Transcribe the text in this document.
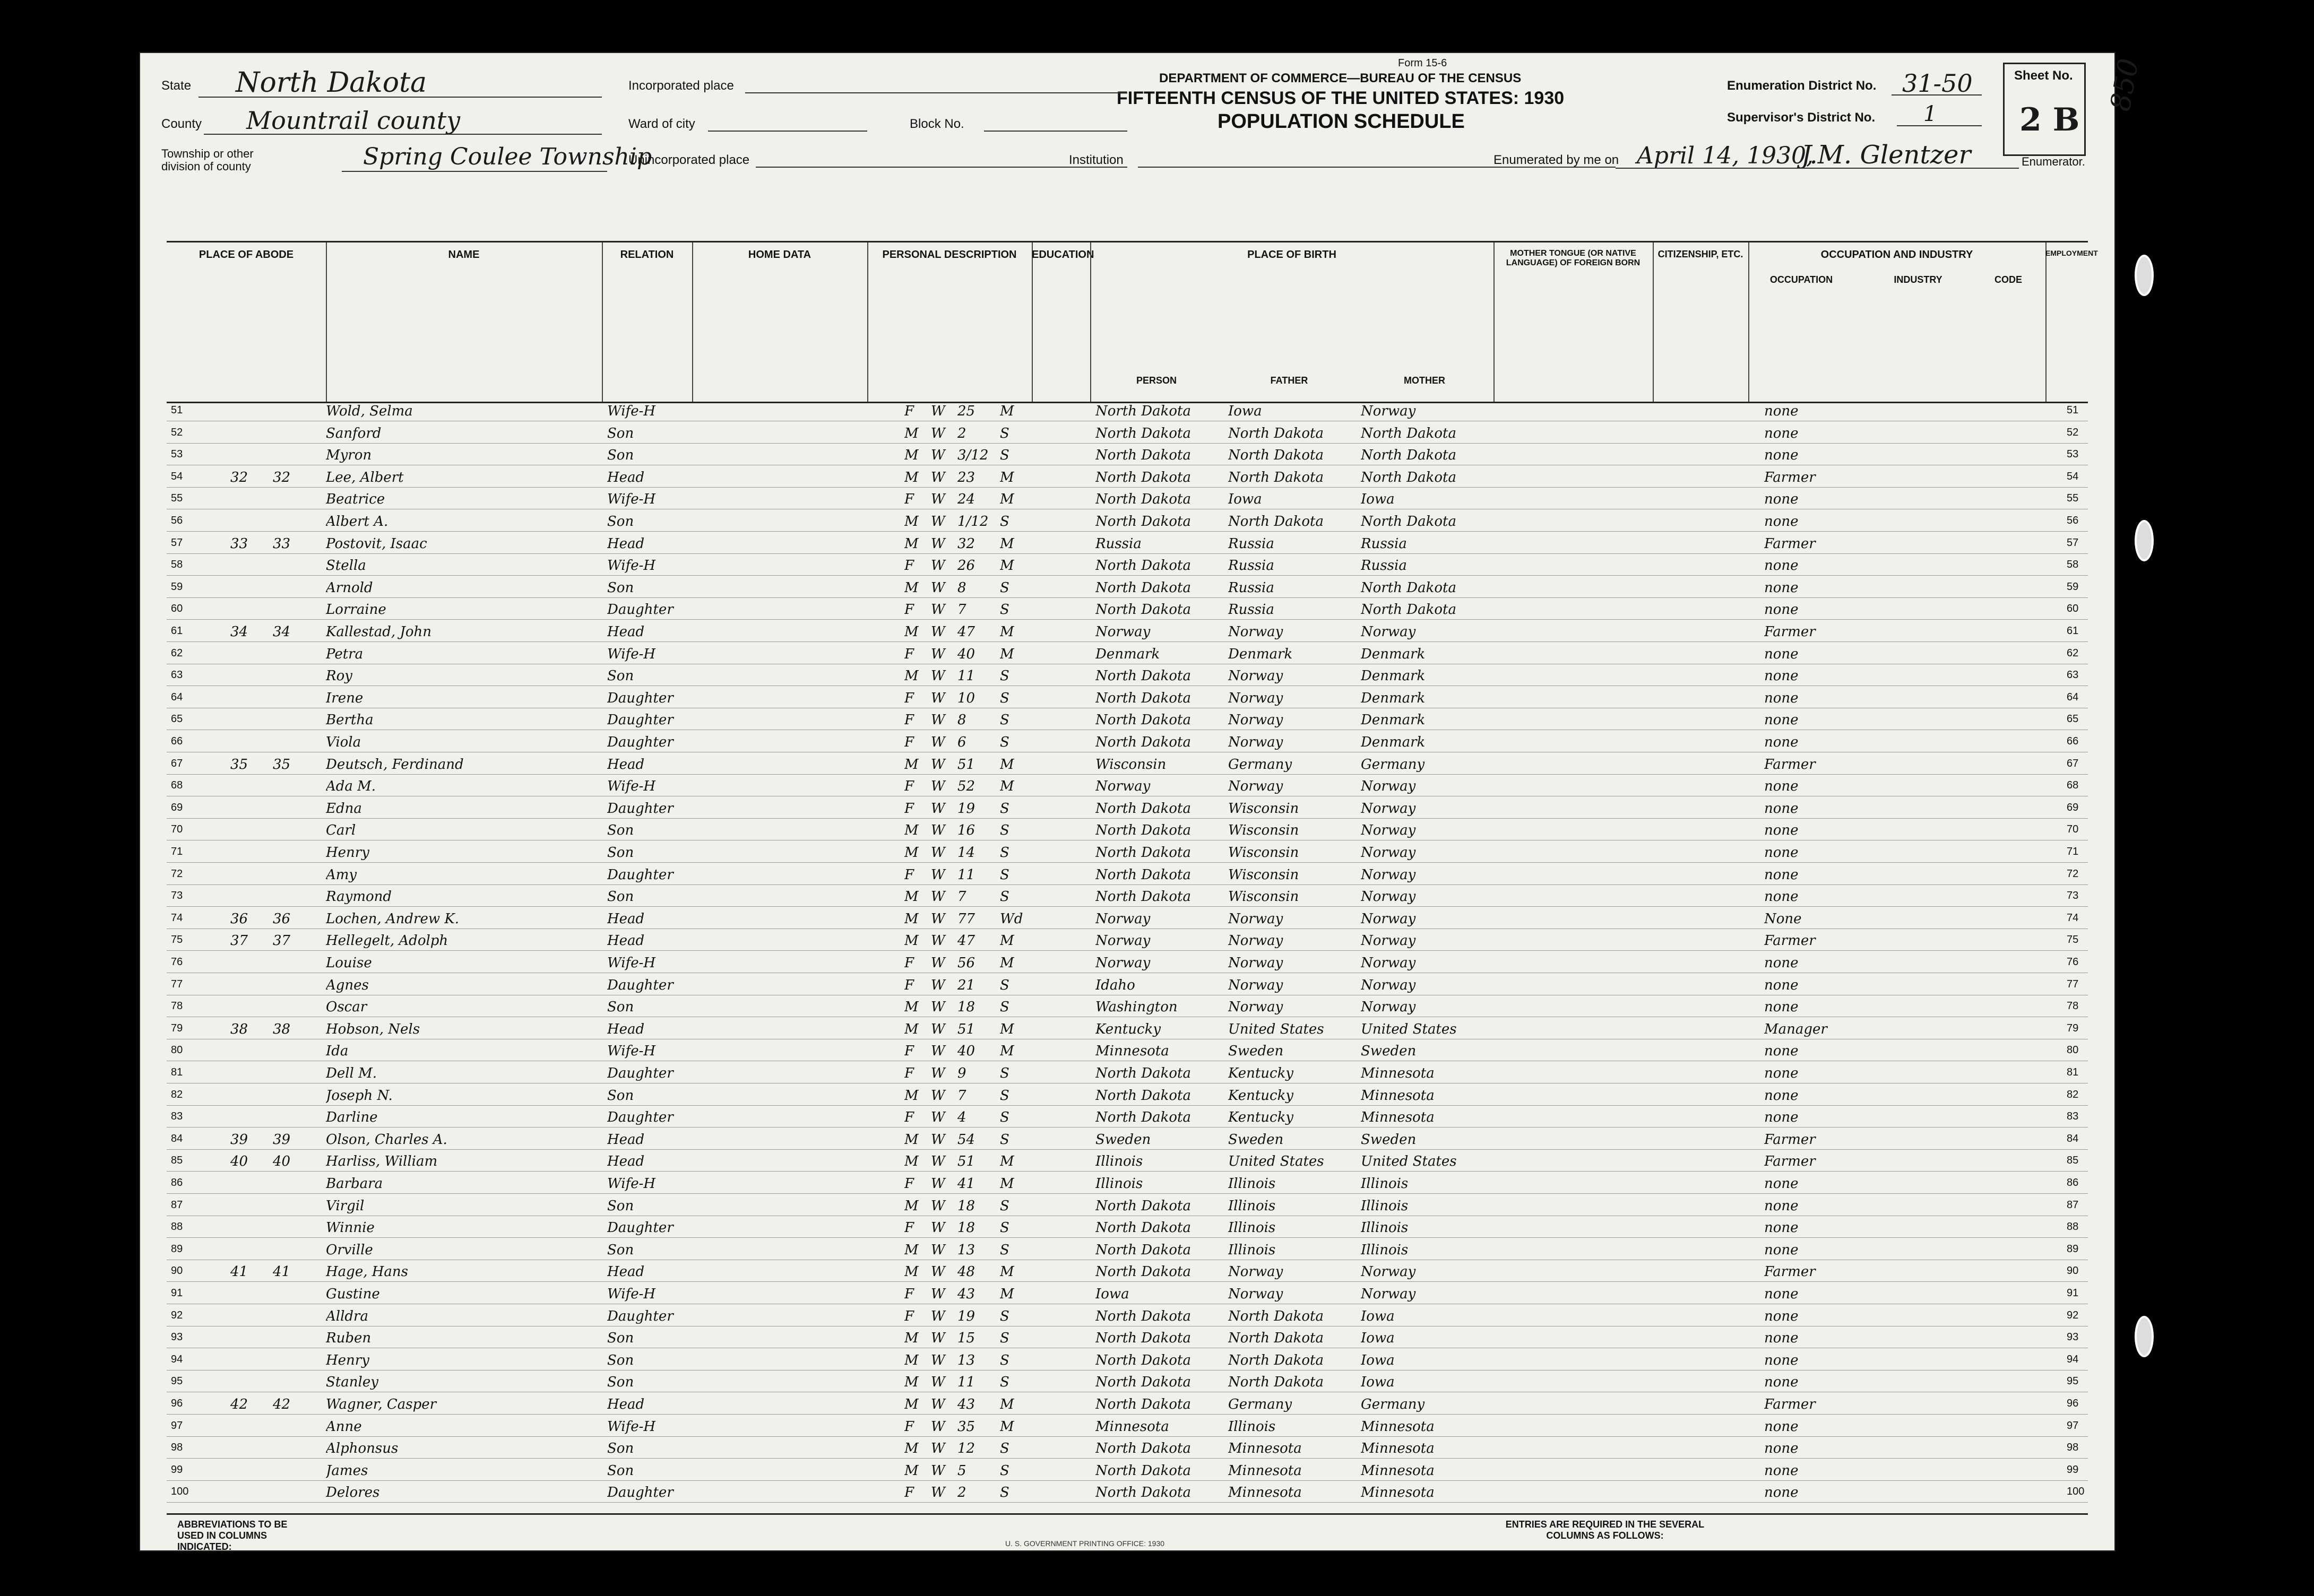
Form 15-6
DEPARTMENT OF COMMERCE—BUREAU OF THE CENSUS
FIFTEENTH CENSUS OF THE UNITED STATES: 1930
POPULATION SCHEDULE
State North Dakota
County Mountrail county
Township or other division of county	Spring Coulee Township
Incorporated place
Ward of city	Block No.
Unincorporated place	Institution
Enumeration District No. 31-50
Supervisor's District No. 1
Enumerated by me on April 14, 1930,
J.M. Glentzer	Enumerator.
Sheet No.
2 B
850
PLACE OF ABODE	NAME	RELATION	HOME DATA	PERSONAL DESCRIPTION	EDUCATION	PLACE OF BIRTH
PERSON	FATHER	MOTHER
MOTHER TONGUE (OR NATIVE LANGUAGE) OF FOREIGN BORN
CITIZENSHIP, ETC.	OCCUPATION AND INDUSTRY
OCCUPATION	INDUSTRY	CODE
EMPLOYMENT
51	51
Wold, Selma	Wife-H	F	W 25	M	North Dakota	Iowa	Norway	none
52	52
Sanford	Son	M W 2	S	North Dakota	North Dakota	North Dakota	none
53	53
Myron	Son	M W 3/12 S	North Dakota	North Dakota	North Dakota	none
54	54
32	32	Lee, Albert	Head	M W 23	M	North Dakota	North Dakota	North Dakota	Farmer
55	55
Beatrice	Wife-H	F	W 24	M	North Dakota	Iowa	Iowa	none
56	56
Albert A.	Son	M W 1/12 S	North Dakota	North Dakota	North Dakota	none
57	57
33	33	Postovit, Isaac	Head	M W 32	M	Russia	Russia	Russia	Farmer
58	58
Stella	Wife-H	F	W 26	M	North Dakota	Russia	Russia	none
59	59
Arnold	Son	M W 8	S	North Dakota	Russia	North Dakota	none
60	60
Lorraine	Daughter	F	W 7	S	North Dakota	Russia	North Dakota	none
61	61
34	34	Kallestad, John	Head	M W 47	M	Norway	Norway	Norway	Farmer
62	62
Petra	Wife-H	F	W 40	M	Denmark	Denmark	Denmark	none
63	63
Roy	Son	M W 11	S	North Dakota	Norway	Denmark	none
64	64
Irene	Daughter	F	W 10	S	North Dakota	Norway	Denmark	none
65	65
Bertha	Daughter	F	W 8	S	North Dakota	Norway	Denmark	none
66	66
Viola	Daughter	F	W 6	S	North Dakota	Norway	Denmark	none
67	67
35	35	Deutsch, Ferdinand	Head	M W 51	M	Wisconsin	Germany	Germany	Farmer
68	68
Ada M.	Wife-H	F	W 52	M	Norway	Norway	Norway	none
69	69
Edna	Daughter	F	W 19	S	North Dakota	Wisconsin	Norway	none
70	70
Carl	Son	M W 16	S	North Dakota	Wisconsin	Norway	none
71	71
Henry	Son	M W 14	S	North Dakota	Wisconsin	Norway	none
72	72
Amy	Daughter	F	W 11	S	North Dakota	Wisconsin	Norway	none
73	73
Raymond	Son	M W 7	S	North Dakota	Wisconsin	Norway	none
74	74
36	36	Lochen, Andrew K.	Head	M W 77	Wd	Norway	Norway	Norway	None
75	75
37	37	Hellegelt, Adolph	Head	M W 47	M	Norway	Norway	Norway	Farmer
76	76
Louise	Wife-H	F	W 56	M	Norway	Norway	Norway	none
77	77
Agnes	Daughter	F	W 21	S	Idaho	Norway	Norway	none
78	78
Oscar	Son	M W 18	S	Washington	Norway	Norway	none
79	79
38	38	Hobson, Nels	Head	M W 51	M	Kentucky	United States	United States	Manager
80	80
Ida	Wife-H	F	W 40	M	Minnesota	Sweden	Sweden	none
81	81
Dell M.	Daughter	F	W 9	S	North Dakota	Kentucky	Minnesota	none
82	82
Joseph N.	Son	M W 7	S	North Dakota	Kentucky	Minnesota	none
83	83
Darline	Daughter	F	W 4	S	North Dakota	Kentucky	Minnesota	none
84	84
39	39	Olson, Charles A.	Head	M W 54	S	Sweden	Sweden	Sweden	Farmer
85	85
40	40	Harliss, William	Head	M W 51	M	Illinois	United States	United States	Farmer
86	86
Barbara	Wife-H	F	W 41	M	Illinois	Illinois	Illinois	none
87	87
Virgil	Son	M W 18	S	North Dakota	Illinois	Illinois	none
88	88
Winnie	Daughter	F	W 18	S	North Dakota	Illinois	Illinois	none
89	89
Orville	Son	M W 13	S	North Dakota	Illinois	Illinois	none
90	90
41	41	Hage, Hans	Head	M W 48	M	North Dakota	Norway	Norway	Farmer
91	91
Gustine	Wife-H	F	W 43	M	Iowa	Norway	Norway	none
92	92
Alldra	Daughter	F	W 19	S	North Dakota	North Dakota	Iowa	none
93	93
Ruben	Son	M W 15	S	North Dakota	North Dakota	Iowa	none
94	94
Henry	Son	M W 13	S	North Dakota	North Dakota	Iowa	none
95	95
Stanley	Son	M W 11	S	North Dakota	North Dakota	Iowa	none
96	96
42	42	Wagner, Casper	Head	M W 43	M	North Dakota	Germany	Germany	Farmer
97	97
Anne	Wife-H	F	W 35	M	Minnesota	Illinois	Minnesota	none
98	98
Alphonsus	Son	M W 12	S	North Dakota	Minnesota	Minnesota	none
99	99
James	Son	M W 5	S	North Dakota	Minnesota	Minnesota	none
100	100
Delores	Daughter	F	W 2	S	North Dakota	Minnesota	Minnesota	none
ABBREVIATIONS TO BE USED IN COLUMNS INDICATED:	U. S. GOVERNMENT PRINTING OFFICE: 1930
ENTRIES ARE REQUIRED IN THE SEVERAL COLUMNS AS FOLLOWS:
